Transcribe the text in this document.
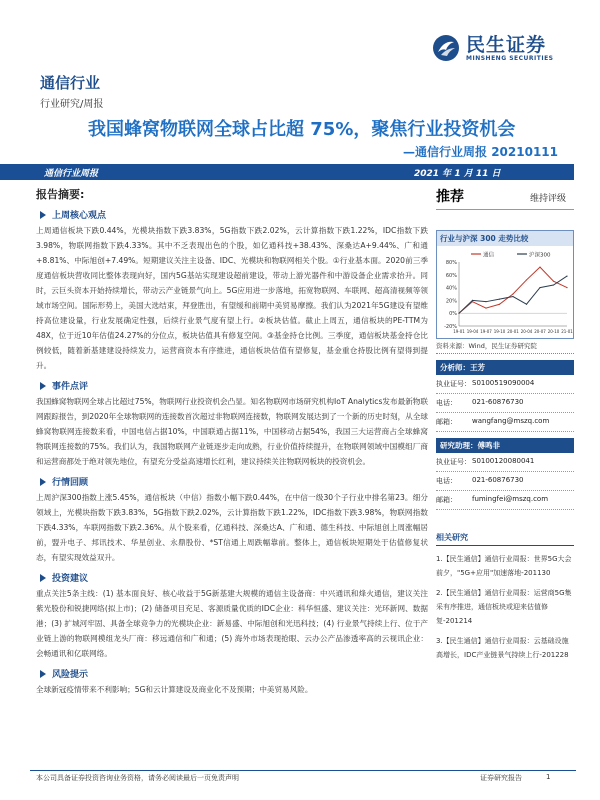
民生证券
MINSHENG SECURITIES
通信行业
行业研究/周报
我国蜂窝物联网全球占比超 75%，聚焦行业投资机会
—通信行业周报 20210111
通信行业周报	2021 年 1 月 11 日
报告摘要:
上周核心观点
上周通信板块下跌0.44%，光模块指数下跌3.83%，5G指数下跌2.02%，云计算指数下跌1.22%，IDC指数下跌3.98%，物联网指数下跌4.33%。其中不乏表现出色的个股，如亿通科技+38.43%、深桑达A+9.44%、广和通+8.81%、中际旭创+7.49%。短期建议关注主设备、IDC、光模块和物联网相关个股。①行业基本面。2020前三季度通信板块营收同比整体表现向好，国内5G基站实现建设超前建设，带动上游光器件和中游设备企业需求抬升。同时，云巨头资本开始持续增长，带动云产业链景气向上。5G应用进一步落地，拓宽物联网、车联网、超高清视频等领域市场空间。国际形势上，美国大选结束，拜登胜出，有望缓和前期中美贸易摩擦。我们认为2021年5G建设有望维持高位建设量，行业发展确定性强，后续行业景气度有望上行。②板块估值。截止上周五，通信板块的PE-TTM为48X，位于近10年估值24.27%的分位点，板块估值具有修复空间。③基金持仓比例。三季度，通信板块基金持仓比例较低，随着新基建建设持续发力，运营商资本有序推进，通信板块估值有望修复，基金重仓持股比例有望得到提升。
事件点评
我国蜂窝物联网全球占比超过75%，物联网行业投资机会凸显。知名物联网市场研究机构IoT Analytics发布最新物联网跟踪报告，到2020年全球物联网的连接数首次超过非物联网连接数，物联网发展达到了一个新的历史时刻，从全球蜂窝物联网连接数来看，中国电信占据10%，中国联通占据11%，中国移动占据54%，我国三大运营商占全球蜂窝物联网连接数的75%。我们认为，我国物联网产业链逐步走向成熟，行业价值持续提升，在物联网领域中国模组厂商和运营商都处于绝对领先地位，有望充分受益高速增长红利，建议持续关注物联网板块的投资机会。
行情回顾
上周沪深300指数上涨5.45%，通信板块（中信）指数小幅下跌0.44%，在中信一级30个子行业中排名第23。细分领域上，光模块指数下跌3.83%，5G指数下跌2.02%，云计算指数下跌1.22%，IDC指数下跌3.98%，物联网指数下跌4.33%，车联网指数下跌2.36%。从个股来看，亿通科技、深桑达A、广和通、德生科技、中际旭创上周涨幅居前，盟升电子、邦讯技术、华星创业、永鼎股份、*ST信通上周跌幅靠前。整体上，通信板块短期处于估值修复状态，有望实现效益双升。
投资建议
重点关注5条主线：(1) 基本面良好、核心收益于5G新基建大规模的通信主设备商：中兴通讯和烽火通信，建议关注紫光股份和锐捷网络(拟上市)；(2) 储备项目充足、客源质量优质的IDC企业：科华恒盛、建议关注：光环新网、数据港；(3) 扩城河牢固、具备全球竞争力的光模块企业：新易盛、中际旭创和光迅科技；(4) 行业景气持续上行、位于产业链上游的物联网模组龙头厂商：移远通信和广和通；(5) 海外市场表现抢眼、云办公产品渗透率高的云视讯企业：会畅通讯和亿联网络。
风险提示
全球新冠疫情带来不利影响；5G和云计算建设及商业化不及预期；中美贸易风险。
推荐	维持评级
行业与沪深 300 走势比较
通信	沪深300
80%
60%
40%
20%
0%
-20%
19-01 19-04 19-07 19-10 20-01 20-04 20-07 20-10 21-01
资料来源：Wind，民生证券研究院
分析师：王芳
执业证号： S0100519090004
电话：	021-60876730
邮箱：	wangfang@mszq.com
研究助理：傅鸣非
执业证号： S0100120080041
电话：	021-60876730
邮箱：	fumingfei@mszq.com
相关研究
1.【民生通信】通信行业周报：世界5G大会前夕，"5G+应用"加速落地-201130
2.【民生通信】通信行业周报：运营商5G集采有序推进，通信板块或迎来估值修复-201214
3.【民生通信】通信行业周报：云基础设施高增长，IDC产业链景气持续上行-201228
本公司具备证券投资咨询业务资格，请务必阅读最后一页免责声明	证券研究报告	1
